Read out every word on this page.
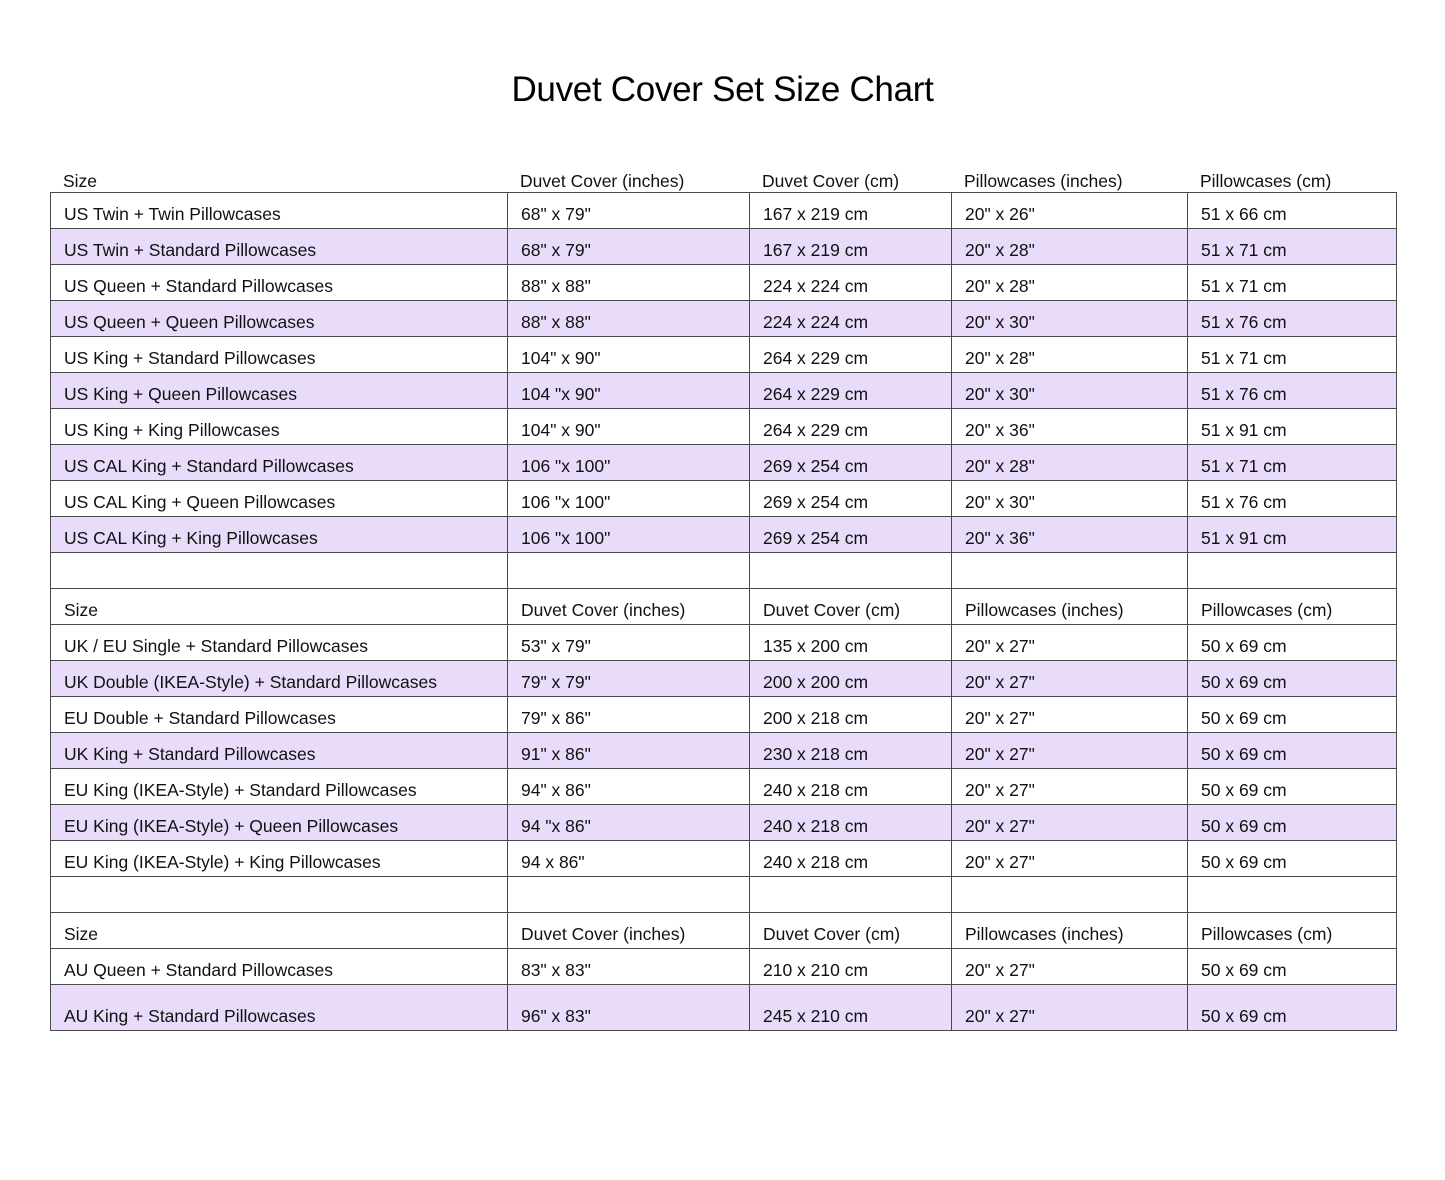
Duvet Cover Set Size Chart
Size	Duvet Cover (inches)	Duvet Cover (cm)	Pillowcases (inches)	Pillowcases (cm)
US Twin + Twin Pillowcases	68" x 79"	167 x 219 cm	20" x 26"	51 x 66 cm
US Twin + Standard Pillowcases	68" x 79"	167 x 219 cm	20" x 28"	51 x 71 cm
US Queen + Standard Pillowcases	88" x 88"	224 x 224 cm	20" x 28"	51 x 71 cm
US Queen + Queen Pillowcases	88" x 88"	224 x 224 cm	20" x 30"	51 x 76 cm
US King + Standard Pillowcases	104" x 90"	264 x 229 cm	20" x 28"	51 x 71 cm
US King + Queen Pillowcases	104 "x 90"	264 x 229 cm	20" x 30"	51 x 76 cm
US King + King Pillowcases	104" x 90"	264 x 229 cm	20" x 36"	51 x 91 cm
US CAL King + Standard Pillowcases	106 "x 100"	269 x 254 cm	20" x 28"	51 x 71 cm
US CAL King + Queen Pillowcases	106 "x 100"	269 x 254 cm	20" x 30"	51 x 76 cm
US CAL King + King Pillowcases	106 "x 100"	269 x 254 cm	20" x 36"	51 x 91 cm

Size	Duvet Cover (inches)	Duvet Cover (cm)	Pillowcases (inches)	Pillowcases (cm)
UK / EU Single + Standard Pillowcases	53" x 79"	135 x 200 cm	20" x 27"	50 x 69 cm
UK Double (IKEA-Style) + Standard Pillowcases	79" x 79"	200 x 200 cm	20" x 27"	50 x 69 cm
EU Double + Standard Pillowcases	79" x 86"	200 x 218 cm	20" x 27"	50 x 69 cm
UK King + Standard Pillowcases	91" x 86"	230 x 218 cm	20" x 27"	50 x 69 cm
EU King (IKEA-Style) + Standard Pillowcases	94" x 86"	240 x 218 cm	20" x 27"	50 x 69 cm
EU King (IKEA-Style) + Queen Pillowcases	94 "x 86"	240 x 218 cm	20" x 27"	50 x 69 cm
EU King (IKEA-Style) + King Pillowcases	94 x 86"	240 x 218 cm	20" x 27"	50 x 69 cm

Size	Duvet Cover (inches)	Duvet Cover (cm)	Pillowcases (inches)	Pillowcases (cm)
AU Queen + Standard Pillowcases	83" x 83"	210 x 210 cm	20" x 27"	50 x 69 cm
AU King + Standard Pillowcases	96" x 83"	245 x 210 cm	20" x 27"	50 x 69 cm
